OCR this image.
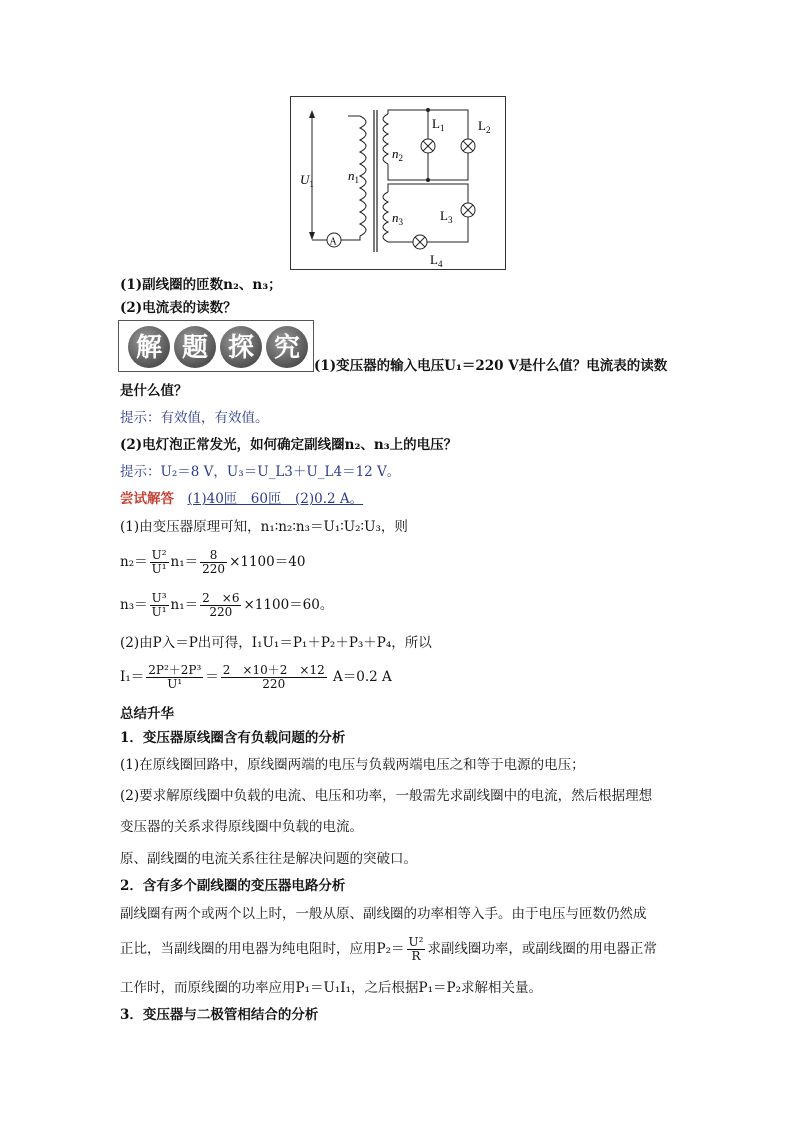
$U_1$
$n_1$
$n_2$
$n_3$
$L_1$	$L_2$
$L_3$
$L_4$
A
(1)副线圈的匝数n₂、n₃；
(2)电流表的读数？
解 题 探 究
(1)变压器的输入电压U₁＝220 V是什么值？电流表的读数
是什么值？
提示：有效值，有效值。
(2)电灯泡正常发光，如何确定副线圈n₂、n₃上的电压？
提示：U₂＝8 V，U₃＝U_L3＋U_L4＝12 V。
尝试解答　 (1)40匝　60匝　(2)0.2 A。
(1)由变压器原理可知，n₁∶n₂∶n₃＝U₁∶U₂∶U₃，则
$n_2= \frac{\text{U²}}{\text{U¹}} n_1= \frac{8}{220} \times 1100=40$
$n_3= \frac{\text{U³}}{\text{U¹}} n_1= \frac{2 \times 6}{220} \times 1100=60$。
(2)由P入＝P出可得，I₁U₁＝P₁＋P₂＋P₃＋P₄，所以
$I_1= \frac{\text{2P²＋2P³}}{\text{U¹}} = \frac{2 \times 10+2 \times 12}{220} A=0.2$ A
总结升华
1．变压器原线圈含有负载问题的分析
(1)在原线圈回路中，原线圈两端的电压与负载两端电压之和等于电源的电压；
(2)要求解原线圈中负载的电流、电压和功率，一般需先求副线圈中的电流，然后根据理想
变压器的关系求得原线圈中负载的电流。
原、副线圈的电流关系往往是解决问题的突破口。
2．含有多个副线圈的变压器电路分析
副线圈有两个或两个以上时，一般从原、副线圈的功率相等入手。由于电压与匝数仍然成
正比，当副线圈的用电器为纯电阻时，应用$P_2= \frac{\text{U²}}{R}$ 求副线圈功率，或副线圈的用电器正常
工作时，而原线圈的功率应用P₁＝U₁I₁，之后根据P₁＝P₂求解相关量。
3．变压器与二极管相结合的分析
